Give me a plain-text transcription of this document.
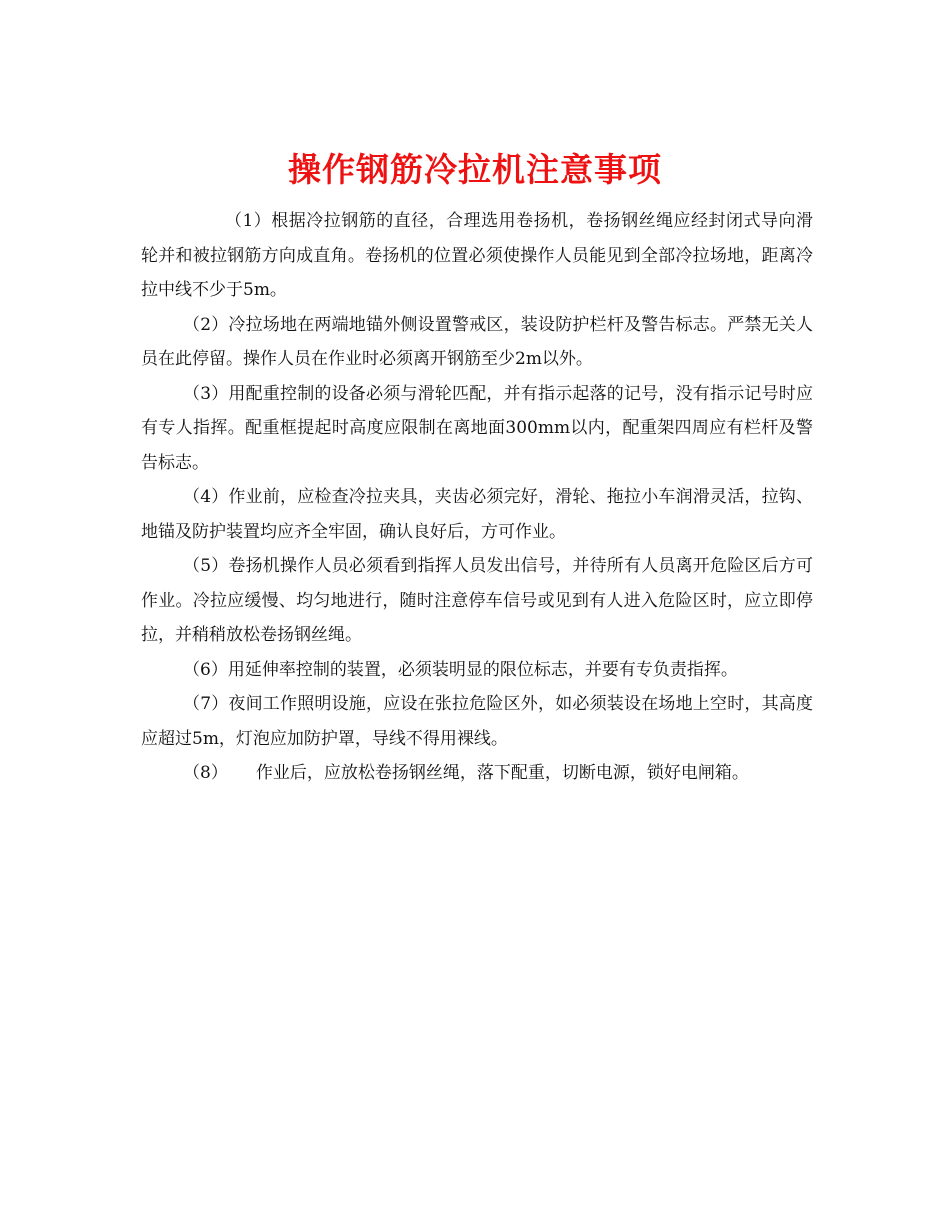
操作钢筋冷拉机注意事项

（1）根据冷拉钢筋的直径，合理选用卷扬机，卷扬钢丝绳应经封闭式导向滑轮并和被拉钢筋方向成直角。卷扬机的位置必须使操作人员能见到全部冷拉场地，距离冷拉中线不少于5m。

（2）冷拉场地在两端地锚外侧设置警戒区，装设防护栏杆及警告标志。严禁无关人员在此停留。操作人员在作业时必须离开钢筋至少2m以外。

（3）用配重控制的设备必须与滑轮匹配，并有指示起落的记号，没有指示记号时应有专人指挥。配重框提起时高度应限制在离地面300mm以内，配重架四周应有栏杆及警告标志。

（4）作业前，应检查冷拉夹具，夹齿必须完好，滑轮、拖拉小车润滑灵活，拉钩、地锚及防护装置均应齐全牢固，确认良好后，方可作业。

（5）卷扬机操作人员必须看到指挥人员发出信号，并待所有人员离开危险区后方可作业。冷拉应缓慢、均匀地进行，随时注意停车信号或见到有人进入危险区时，应立即停拉，并稍稍放松卷扬钢丝绳。

（6）用延伸率控制的装置，必须装明显的限位标志，并要有专负责指挥。

（7）夜间工作照明设施，应设在张拉危险区外，如必须装设在场地上空时，其高度应超过5m，灯泡应加防护罩，导线不得用裸线。

（8） 作业后，应放松卷扬钢丝绳，落下配重，切断电源，锁好电闸箱。
